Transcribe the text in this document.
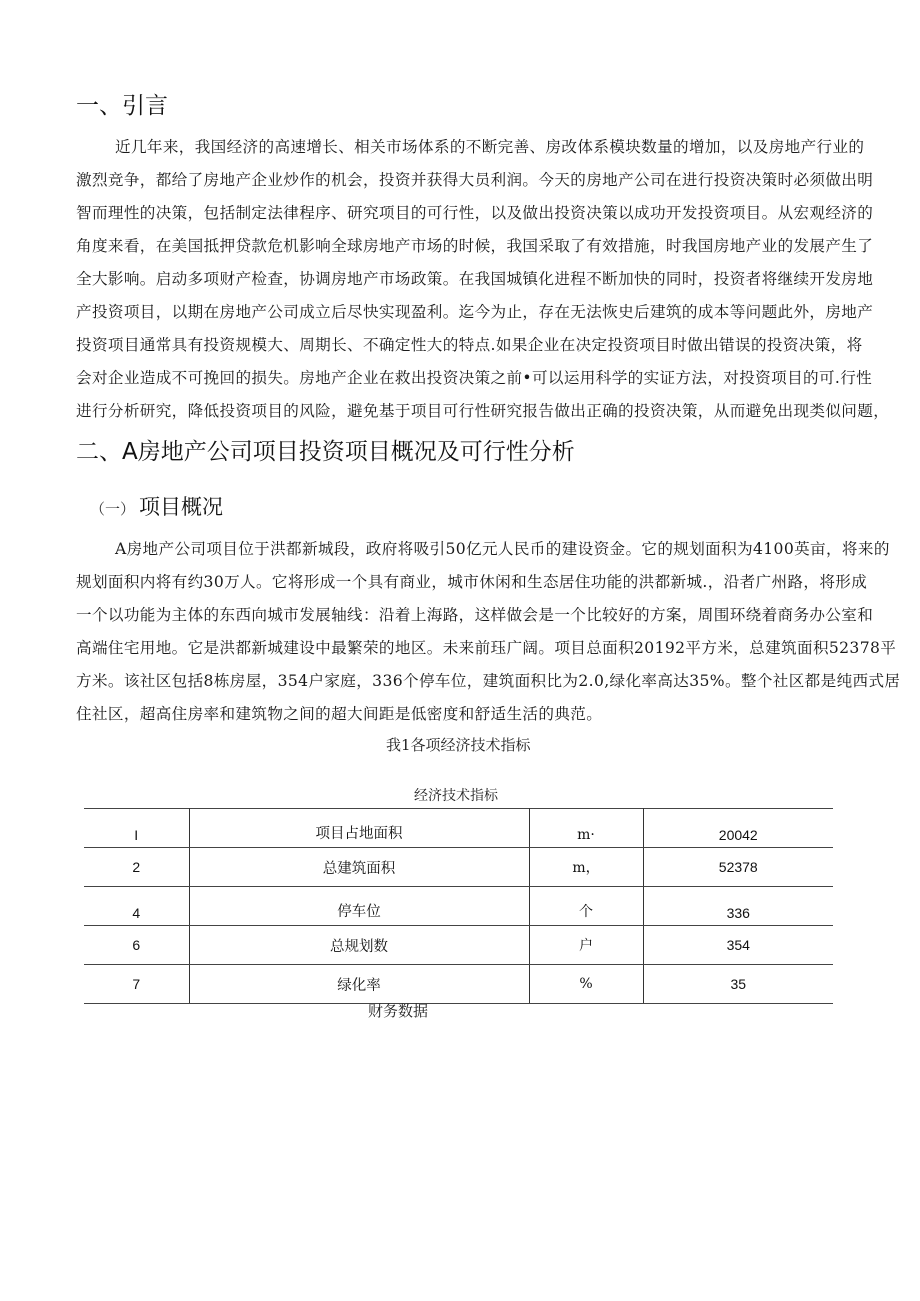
一、引言
近几年来，我国经济的高速增长、相关市场体系的不断完善、房改体系模块数量的增加，以及房地产行业的
激烈竞争，都给了房地产企业炒作的机会，投资并获得大员利润。今天的房地产公司在进行投资决策时必须做出明
智而理性的决策，包括制定法律程序、研究项目的可行性，以及做出投资决策以成功开发投资项目。从宏观经济的
角度来看，在美国抵押贷款危机影响全球房地产市场的时候，我国采取了有效措施，时我国房地产业的发展产生了
全大影响。启动多项财产检查，协调房地产市场政策。在我国城镇化进程不断加快的同时，投资者将继续开发房地
产投资项目，以期在房地产公司成立后尽快实现盈利。迄今为止，存在无法恢史后建筑的成本等问题此外，房地产
投资项目通常具有投资规模大、周期长、不确定性大的特点.如果企业在决定投资项目时做出错误的投资决策，将
会对企业造成不可挽回的损失。房地产企业在救出投资决策之前•可以运用科学的实证方法，对投资项目的可.行性
进行分析研究，降低投资项目的风险，避免基于项目可行性研究报告做出正确的投资决策，从而避免出现类似问题，
二、A房地产公司项目投资项目概况及可行性分析
（一） 项目概况
A房地产公司项目位于洪都新城段，政府将吸引50亿元人民币的建设资金。它的规划面积为4100英亩，将来的
规划面积内将有约30万人。它将形成一个具有商业，城市休闲和生态居住功能的洪都新城.，沿者广州路，将形成
一个以功能为主体的东西向城市发展轴线：沿着上海路，这样做会是一个比较好的方案，周围环绕着商务办公室和
高端住宅用地。它是洪都新城建设中最繁荣的地区。未来前珏广阔。项目总面积20192平方米，总建筑面积52378平
方米。该社区包括8栋房屋，354户家庭，336个停车位，建筑面积比为2.0,绿化率高达35%。整个社区都是纯西式居
住社区，超高住房率和建筑物之间的超大间距是低密度和舒适生活的典范。
我1各项经济技术指标
经济技术指标
I	项目占地面积	m·	20042
2	总建筑面积	m，	52378
4	停车位	个	336
6	总规划数	户	354
7	绿化率	%	35
财务数据
